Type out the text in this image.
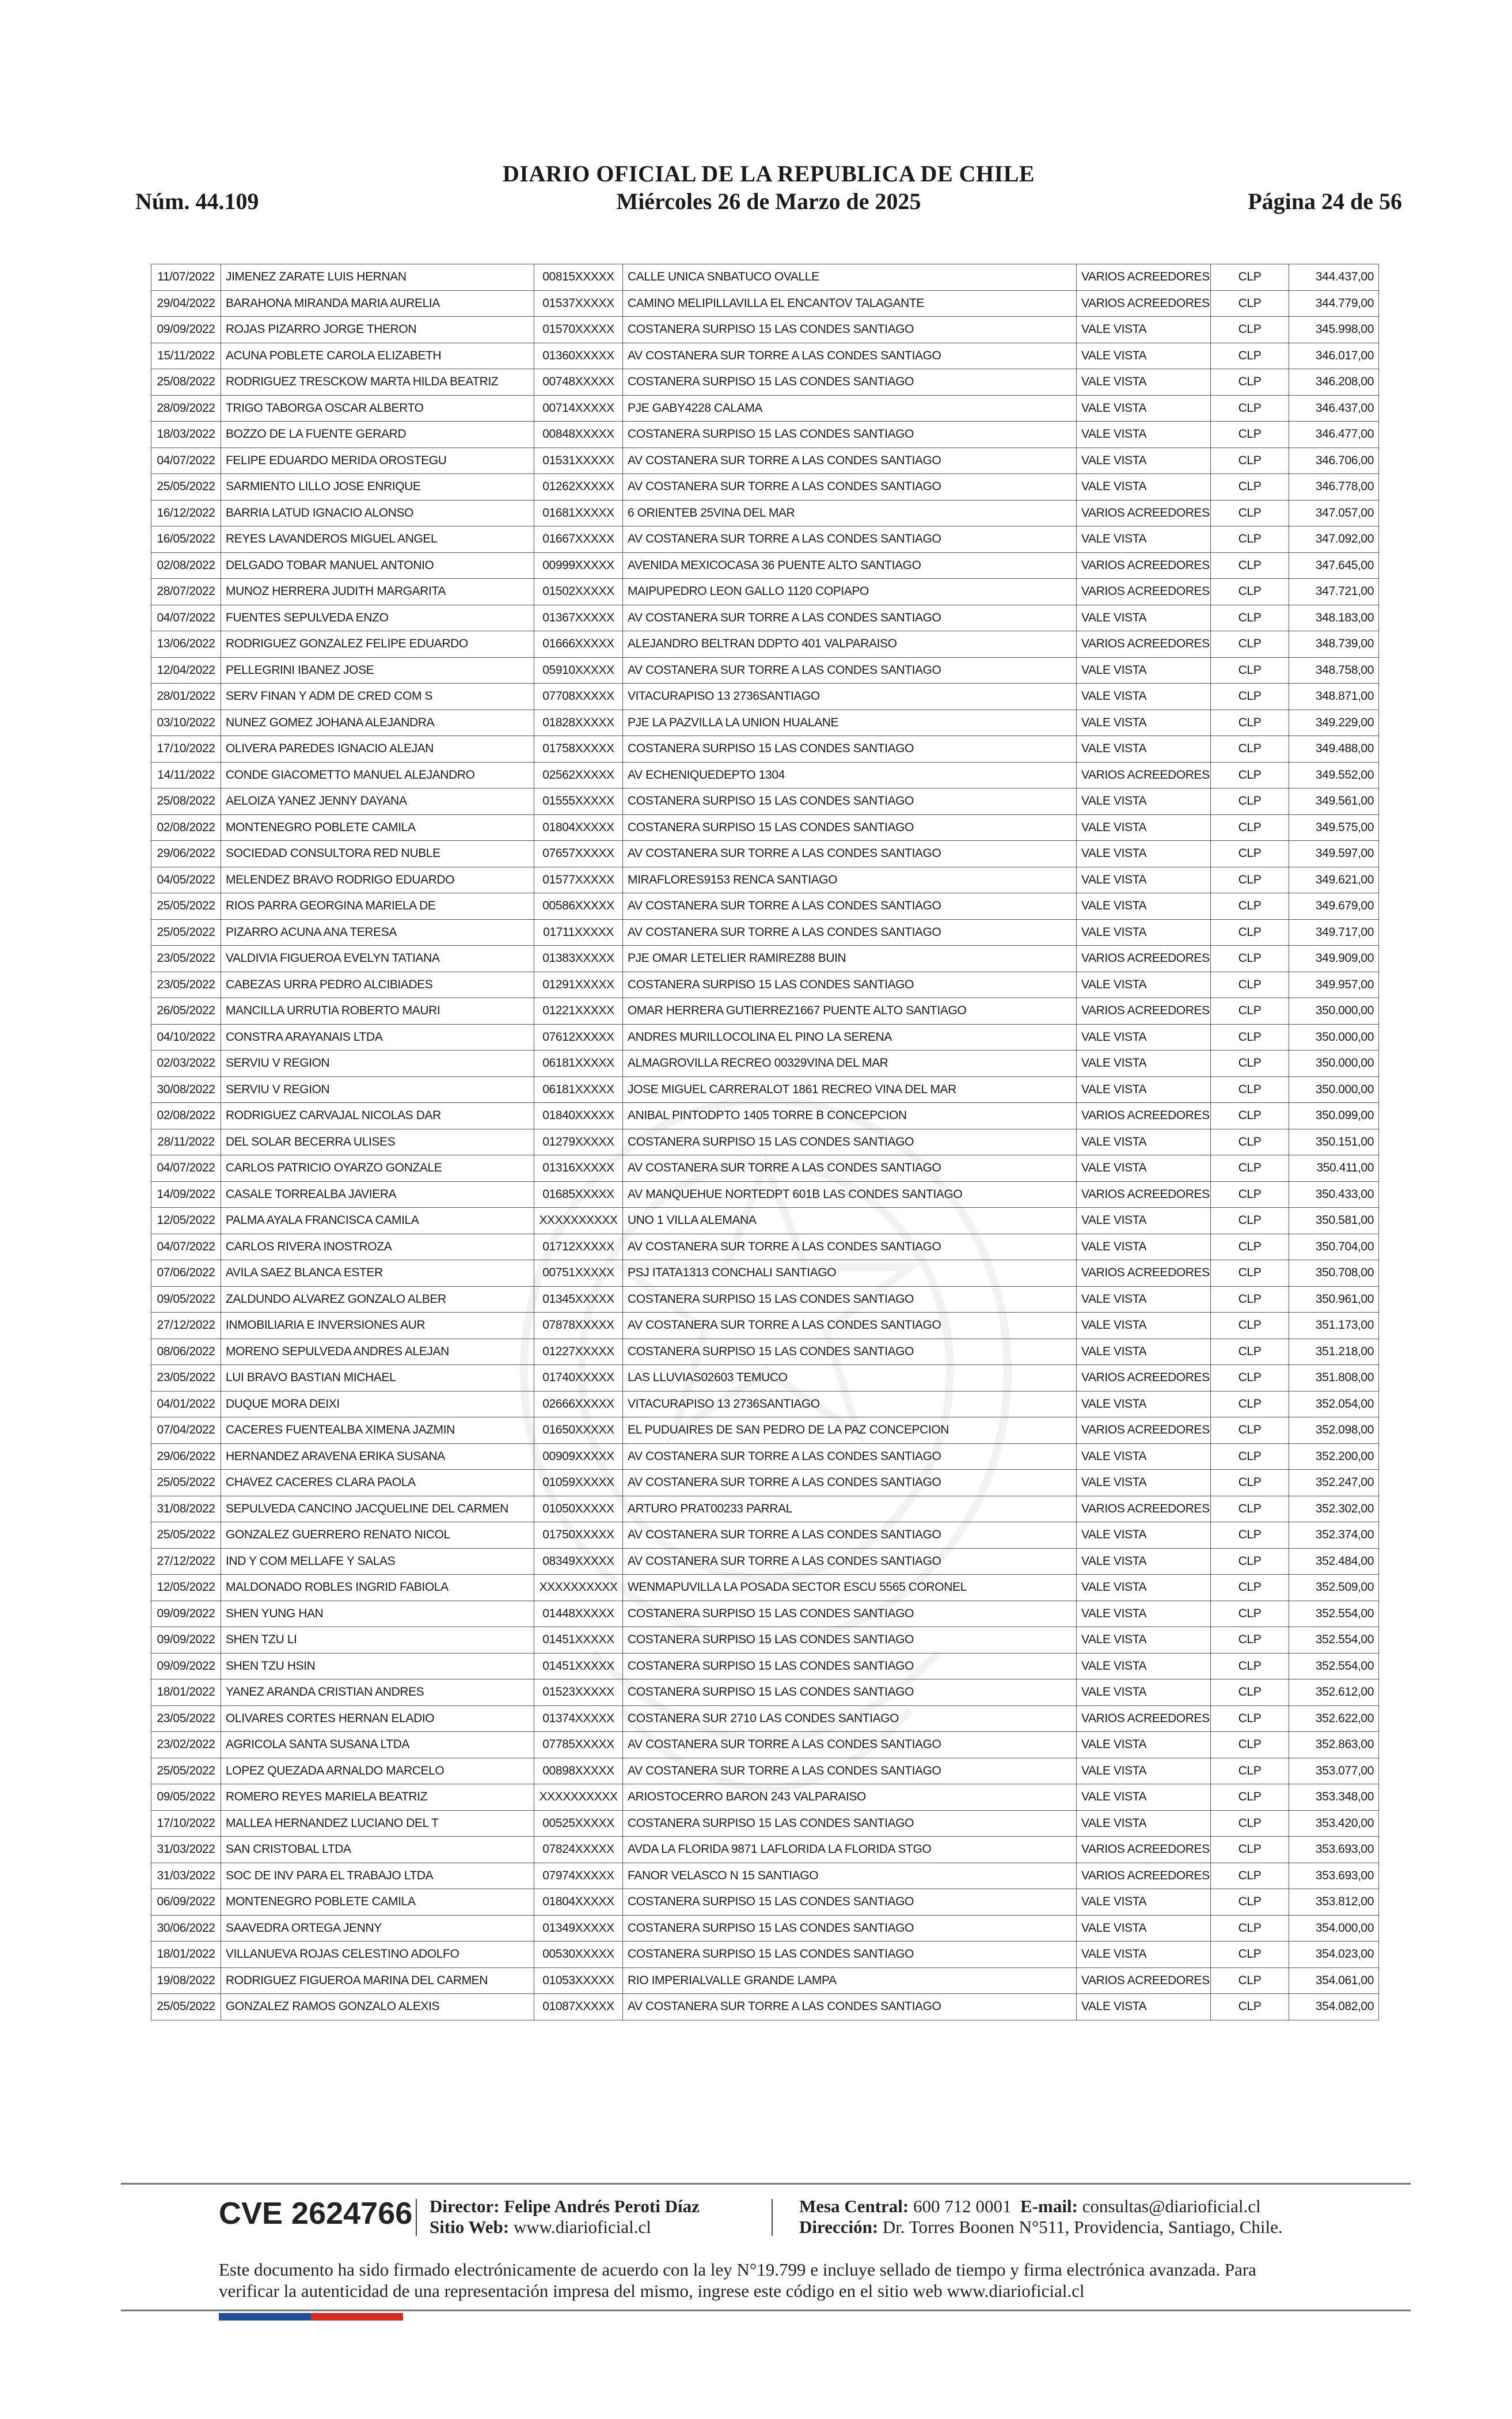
DIARIO OFICIAL DE LA REPUBLICA DE CHILE
Núm. 44.109	Miércoles 26 de Marzo de 2025	Página 24 de 56
11/07/2022	JIMENEZ ZARATE LUIS HERNAN	00815XXXXX	CALLE UNICA SNBATUCO OVALLE	VARIOS ACREEDORES	CLP	344.437,00
29/04/2022	BARAHONA MIRANDA MARIA AURELIA	01537XXXXX	CAMINO MELIPILLAVILLA EL ENCANTOV TALAGANTE	VARIOS ACREEDORES	CLP	344.779,00
09/09/2022	ROJAS PIZARRO JORGE THERON	01570XXXXX	COSTANERA SURPISO 15 LAS CONDES SANTIAGO	VALE VISTA	CLP	345.998,00
15/11/2022	ACUNA POBLETE CAROLA ELIZABETH	01360XXXXX	AV COSTANERA SUR TORRE A LAS CONDES SANTIAGO	VALE VISTA	CLP	346.017,00
25/08/2022	RODRIGUEZ TRESCKOW MARTA HILDA BEATRIZ	00748XXXXX	COSTANERA SURPISO 15 LAS CONDES SANTIAGO	VALE VISTA	CLP	346.208,00
28/09/2022	TRIGO TABORGA OSCAR ALBERTO	00714XXXXX	PJE GABY4228 CALAMA	VALE VISTA	CLP	346.437,00
18/03/2022	BOZZO DE LA FUENTE GERARD	00848XXXXX	COSTANERA SURPISO 15 LAS CONDES SANTIAGO	VALE VISTA	CLP	346.477,00
04/07/2022	FELIPE EDUARDO MERIDA OROSTEGU	01531XXXXX	AV COSTANERA SUR TORRE A LAS CONDES SANTIAGO	VALE VISTA	CLP	346.706,00
25/05/2022	SARMIENTO LILLO JOSE ENRIQUE	01262XXXXX	AV COSTANERA SUR TORRE A LAS CONDES SANTIAGO	VALE VISTA	CLP	346.778,00
16/12/2022	BARRIA LATUD IGNACIO ALONSO	01681XXXXX	6 ORIENTEB 25VINA DEL MAR	VARIOS ACREEDORES	CLP	347.057,00
16/05/2022	REYES LAVANDEROS MIGUEL ANGEL	01667XXXXX	AV COSTANERA SUR TORRE A LAS CONDES SANTIAGO	VALE VISTA	CLP	347.092,00
02/08/2022	DELGADO TOBAR MANUEL ANTONIO	00999XXXXX	AVENIDA MEXICOCASA 36 PUENTE ALTO SANTIAGO	VARIOS ACREEDORES	CLP	347.645,00
28/07/2022	MUNOZ HERRERA JUDITH MARGARITA	01502XXXXX	MAIPUPEDRO LEON GALLO 1120 COPIAPO	VARIOS ACREEDORES	CLP	347.721,00
04/07/2022	FUENTES SEPULVEDA ENZO	01367XXXXX	AV COSTANERA SUR TORRE A LAS CONDES SANTIAGO	VALE VISTA	CLP	348.183,00
13/06/2022	RODRIGUEZ GONZALEZ FELIPE EDUARDO	01666XXXXX	ALEJANDRO BELTRAN DDPTO 401 VALPARAISO	VARIOS ACREEDORES	CLP	348.739,00
12/04/2022	PELLEGRINI IBANEZ JOSE	05910XXXXX	AV COSTANERA SUR TORRE A LAS CONDES SANTIAGO	VALE VISTA	CLP	348.758,00
28/01/2022	SERV FINAN Y ADM DE CRED COM S	07708XXXXX	VITACURAPISO 13 2736SANTIAGO	VALE VISTA	CLP	348.871,00
03/10/2022	NUNEZ GOMEZ JOHANA ALEJANDRA	01828XXXXX	PJE LA PAZVILLA LA UNION HUALANE	VALE VISTA	CLP	349.229,00
17/10/2022	OLIVERA PAREDES IGNACIO ALEJAN	01758XXXXX	COSTANERA SURPISO 15 LAS CONDES SANTIAGO	VALE VISTA	CLP	349.488,00
14/11/2022	CONDE GIACOMETTO MANUEL ALEJANDRO	02562XXXXX	AV ECHENIQUEDEPTO 1304	VARIOS ACREEDORES	CLP	349.552,00
25/08/2022	AELOIZA YANEZ JENNY DAYANA	01555XXXXX	COSTANERA SURPISO 15 LAS CONDES SANTIAGO	VALE VISTA	CLP	349.561,00
02/08/2022	MONTENEGRO POBLETE CAMILA	01804XXXXX	COSTANERA SURPISO 15 LAS CONDES SANTIAGO	VALE VISTA	CLP	349.575,00
29/06/2022	SOCIEDAD CONSULTORA RED NUBLE	07657XXXXX	AV COSTANERA SUR TORRE A LAS CONDES SANTIAGO	VALE VISTA	CLP	349.597,00
04/05/2022	MELENDEZ BRAVO RODRIGO EDUARDO	01577XXXXX	MIRAFLORES9153 RENCA SANTIAGO	VALE VISTA	CLP	349.621,00
25/05/2022	RIOS PARRA GEORGINA MARIELA DE	00586XXXXX	AV COSTANERA SUR TORRE A LAS CONDES SANTIAGO	VALE VISTA	CLP	349.679,00
25/05/2022	PIZARRO ACUNA ANA TERESA	01711XXXXX	AV COSTANERA SUR TORRE A LAS CONDES SANTIAGO	VALE VISTA	CLP	349.717,00
23/05/2022	VALDIVIA FIGUEROA EVELYN TATIANA	01383XXXXX	PJE OMAR LETELIER RAMIREZ88 BUIN	VARIOS ACREEDORES	CLP	349.909,00
23/05/2022	CABEZAS URRA PEDRO ALCIBIADES	01291XXXXX	COSTANERA SURPISO 15 LAS CONDES SANTIAGO	VALE VISTA	CLP	349.957,00
26/05/2022	MANCILLA URRUTIA ROBERTO MAURI	01221XXXXX	OMAR HERRERA GUTIERREZ1667 PUENTE ALTO SANTIAGO	VARIOS ACREEDORES	CLP	350.000,00
04/10/2022	CONSTRA ARAYANAIS LTDA	07612XXXXX	ANDRES MURILLOCOLINA EL PINO LA SERENA	VALE VISTA	CLP	350.000,00
02/03/2022	SERVIU V REGION	06181XXXXX	ALMAGROVILLA RECREO 00329VINA DEL MAR	VALE VISTA	CLP	350.000,00
30/08/2022	SERVIU V REGION	06181XXXXX	JOSE MIGUEL CARRERALOT 1861 RECREO VINA DEL MAR	VALE VISTA	CLP	350.000,00
02/08/2022	RODRIGUEZ CARVAJAL NICOLAS DAR	01840XXXXX	ANIBAL PINTODPTO 1405 TORRE B CONCEPCION	VARIOS ACREEDORES	CLP	350.099,00
28/11/2022	DEL SOLAR BECERRA ULISES	01279XXXXX	COSTANERA SURPISO 15 LAS CONDES SANTIAGO	VALE VISTA	CLP	350.151,00
04/07/2022	CARLOS PATRICIO OYARZO GONZALE	01316XXXXX	AV COSTANERA SUR TORRE A LAS CONDES SANTIAGO	VALE VISTA	CLP	350.411,00
14/09/2022	CASALE TORREALBA JAVIERA	01685XXXXX	AV MANQUEHUE NORTEDPT 601B LAS CONDES SANTIAGO	VARIOS ACREEDORES	CLP	350.433,00
12/05/2022	PALMA AYALA FRANCISCA CAMILA	XXXXXXXXXX	UNO 1 VILLA ALEMANA	VALE VISTA	CLP	350.581,00
04/07/2022	CARLOS RIVERA INOSTROZA	01712XXXXX	AV COSTANERA SUR TORRE A LAS CONDES SANTIAGO	VALE VISTA	CLP	350.704,00
07/06/2022	AVILA SAEZ BLANCA ESTER	00751XXXXX	PSJ ITATA1313 CONCHALI SANTIAGO	VARIOS ACREEDORES	CLP	350.708,00
09/05/2022	ZALDUNDO ALVAREZ GONZALO ALBER	01345XXXXX	COSTANERA SURPISO 15 LAS CONDES SANTIAGO	VALE VISTA	CLP	350.961,00
27/12/2022	INMOBILIARIA E INVERSIONES AUR	07878XXXXX	AV COSTANERA SUR TORRE A LAS CONDES SANTIAGO	VALE VISTA	CLP	351.173,00
08/06/2022	MORENO SEPULVEDA ANDRES ALEJAN	01227XXXXX	COSTANERA SURPISO 15 LAS CONDES SANTIAGO	VALE VISTA	CLP	351.218,00
23/05/2022	LUI BRAVO BASTIAN MICHAEL	01740XXXXX	LAS LLUVIAS02603 TEMUCO	VARIOS ACREEDORES	CLP	351.808,00
04/01/2022	DUQUE MORA DEIXI	02666XXXXX	VITACURAPISO 13 2736SANTIAGO	VALE VISTA	CLP	352.054,00
07/04/2022	CACERES FUENTEALBA XIMENA JAZMIN	01650XXXXX	EL PUDUAIRES DE SAN PEDRO DE LA PAZ CONCEPCION	VARIOS ACREEDORES	CLP	352.098,00
29/06/2022	HERNANDEZ ARAVENA ERIKA SUSANA	00909XXXXX	AV COSTANERA SUR TORRE A LAS CONDES SANTIAGO	VALE VISTA	CLP	352.200,00
25/05/2022	CHAVEZ CACERES CLARA PAOLA	01059XXXXX	AV COSTANERA SUR TORRE A LAS CONDES SANTIAGO	VALE VISTA	CLP	352.247,00
31/08/2022	SEPULVEDA CANCINO JACQUELINE DEL CARMEN	01050XXXXX	ARTURO PRAT00233 PARRAL	VARIOS ACREEDORES	CLP	352.302,00
25/05/2022	GONZALEZ GUERRERO RENATO NICOL	01750XXXXX	AV COSTANERA SUR TORRE A LAS CONDES SANTIAGO	VALE VISTA	CLP	352.374,00
27/12/2022	IND Y COM MELLAFE Y SALAS	08349XXXXX	AV COSTANERA SUR TORRE A LAS CONDES SANTIAGO	VALE VISTA	CLP	352.484,00
12/05/2022	MALDONADO ROBLES INGRID FABIOLA	XXXXXXXXXX	WENMAPUVILLA LA POSADA SECTOR ESCU 5565 CORONEL	VALE VISTA	CLP	352.509,00
09/09/2022	SHEN YUNG HAN	01448XXXXX	COSTANERA SURPISO 15 LAS CONDES SANTIAGO	VALE VISTA	CLP	352.554,00
09/09/2022	SHEN TZU LI	01451XXXXX	COSTANERA SURPISO 15 LAS CONDES SANTIAGO	VALE VISTA	CLP	352.554,00
09/09/2022	SHEN TZU HSIN	01451XXXXX	COSTANERA SURPISO 15 LAS CONDES SANTIAGO	VALE VISTA	CLP	352.554,00
18/01/2022	YANEZ ARANDA CRISTIAN ANDRES	01523XXXXX	COSTANERA SURPISO 15 LAS CONDES SANTIAGO	VALE VISTA	CLP	352.612,00
23/05/2022	OLIVARES CORTES HERNAN ELADIO	01374XXXXX	COSTANERA SUR 2710 LAS CONDES SANTIAGO	VARIOS ACREEDORES	CLP	352.622,00
23/02/2022	AGRICOLA SANTA SUSANA LTDA	07785XXXXX	AV COSTANERA SUR TORRE A LAS CONDES SANTIAGO	VALE VISTA	CLP	352.863,00
25/05/2022	LOPEZ QUEZADA ARNALDO MARCELO	00898XXXXX	AV COSTANERA SUR TORRE A LAS CONDES SANTIAGO	VALE VISTA	CLP	353.077,00
09/05/2022	ROMERO REYES MARIELA BEATRIZ	XXXXXXXXXX	ARIOSTOCERRO BARON 243 VALPARAISO	VALE VISTA	CLP	353.348,00
17/10/2022	MALLEA HERNANDEZ LUCIANO DEL T	00525XXXXX	COSTANERA SURPISO 15 LAS CONDES SANTIAGO	VALE VISTA	CLP	353.420,00
31/03/2022	SAN CRISTOBAL LTDA	07824XXXXX	AVDA LA FLORIDA 9871 LAFLORIDA LA FLORIDA STGO	VARIOS ACREEDORES	CLP	353.693,00
31/03/2022	SOC DE INV PARA EL TRABAJO LTDA	07974XXXXX	FANOR VELASCO N 15 SANTIAGO	VARIOS ACREEDORES	CLP	353.693,00
06/09/2022	MONTENEGRO POBLETE CAMILA	01804XXXXX	COSTANERA SURPISO 15 LAS CONDES SANTIAGO	VALE VISTA	CLP	353.812,00
30/06/2022	SAAVEDRA ORTEGA JENNY	01349XXXXX	COSTANERA SURPISO 15 LAS CONDES SANTIAGO	VALE VISTA	CLP	354.000,00
18/01/2022	VILLANUEVA ROJAS CELESTINO ADOLFO	00530XXXXX	COSTANERA SURPISO 15 LAS CONDES SANTIAGO	VALE VISTA	CLP	354.023,00
19/08/2022	RODRIGUEZ FIGUEROA MARINA DEL CARMEN	01053XXXXX	RIO IMPERIALVALLE GRANDE LAMPA	VARIOS ACREEDORES	CLP	354.061,00
25/05/2022	GONZALEZ RAMOS GONZALO ALEXIS	01087XXXXX	AV COSTANERA SUR TORRE A LAS CONDES SANTIAGO	VALE VISTA	CLP	354.082,00
CVE 2624766 Director: Felipe Andrés Peroti Díaz
Sitio Web: www.diarioficial.cl
Mesa Central: 600 712 0001 E-mail: consultas@diarioficial.cl
Dirección: Dr. Torres Boonen N°511, Providencia, Santiago, Chile.
Este documento ha sido firmado electrónicamente de acuerdo con la ley N°19.799 e incluye sellado de tiempo y firma electrónica avanzada. Para verificar la autenticidad de una representación impresa del mismo, ingrese este código en el sitio web www.diarioficial.cl
